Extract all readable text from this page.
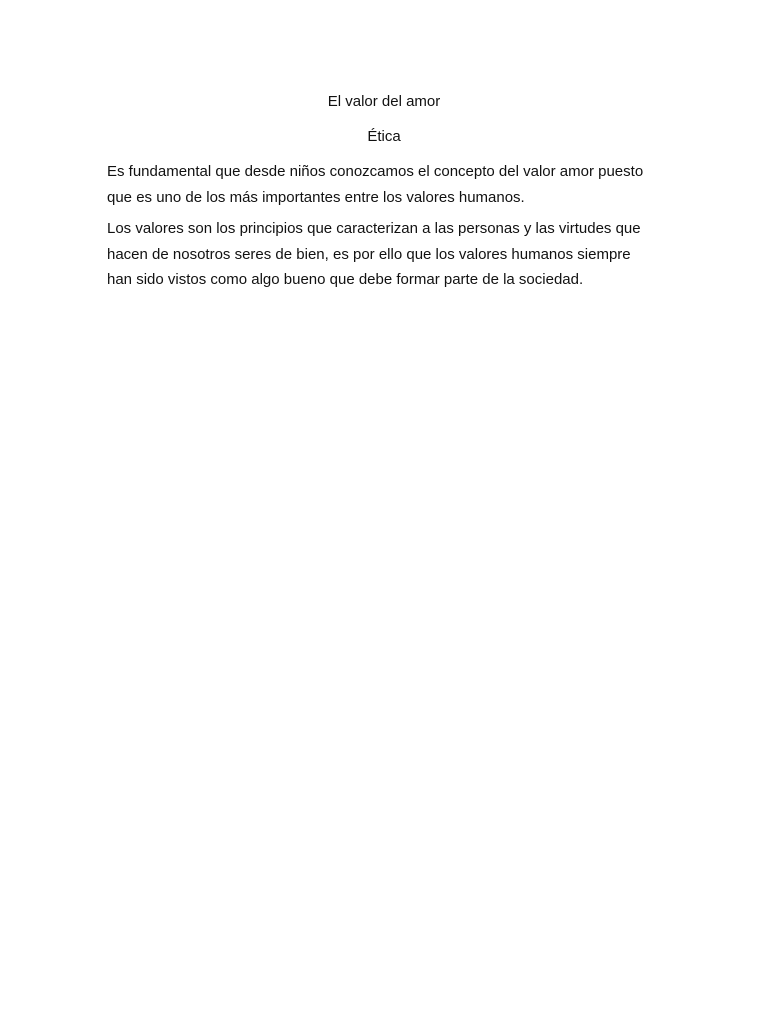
El valor del amor
Ética

Es fundamental que desde niños conozcamos el concepto del valor amor puesto que es uno de los más importantes entre los valores humanos.

Los valores son los principios que caracterizan a las personas y las virtudes que hacen de nosotros seres de bien, es por ello que los valores humanos siempre han sido vistos como algo bueno que debe formar parte de la sociedad.
